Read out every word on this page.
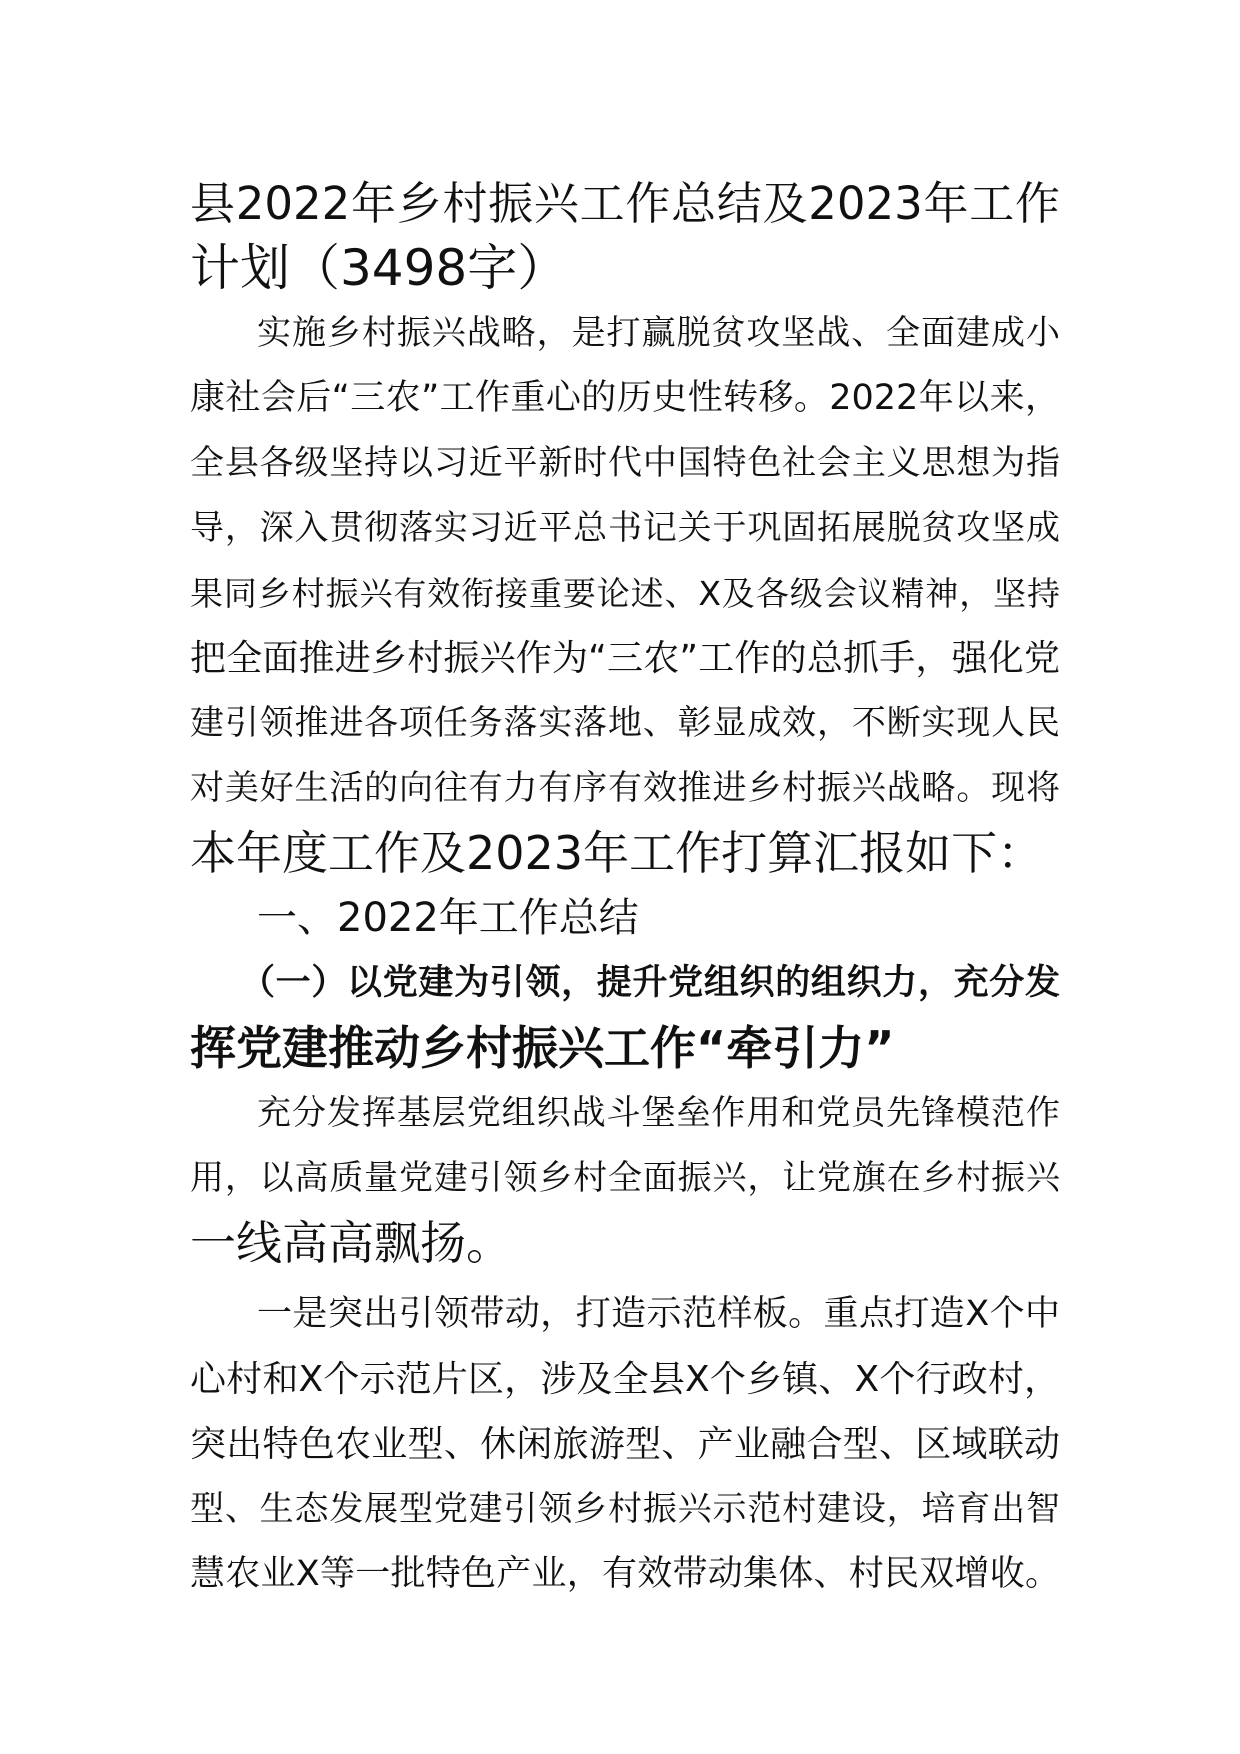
县2022年乡村振兴工作总结及2023年工作
计划（3498字）
实施乡村振兴战略，是打赢脱贫攻坚战、全面建成小
康社会后“三农”工作重心的历史性转移。2022年以来，
全县各级坚持以习近平新时代中国特色社会主义思想为指
导，深入贯彻落实习近平总书记关于巩固拓展脱贫攻坚成
果同乡村振兴有效衔接重要论述、X及各级会议精神，坚持
把全面推进乡村振兴作为“三农”工作的总抓手，强化党
建引领推进各项任务落实落地、彰显成效，不断实现人民
对美好生活的向往有力有序有效推进乡村振兴战略。现将
本年度工作及2023年工作打算汇报如下：
一、2022年工作总结
（一）以党建为引领，提升党组织的组织力，充分发
挥党建推动乡村振兴工作“牵引力”
充分发挥基层党组织战斗堡垒作用和党员先锋模范作
用，以高质量党建引领乡村全面振兴，让党旗在乡村振兴
一线高高飘扬。
一是突出引领带动，打造示范样板。重点打造X个中
心村和X个示范片区，涉及全县X个乡镇、X个行政村，
突出特色农业型、休闲旅游型、产业融合型、区域联动
型、生态发展型党建引领乡村振兴示范村建设，培育出智
慧农业X等一批特色产业，有效带动集体、村民双增收。
